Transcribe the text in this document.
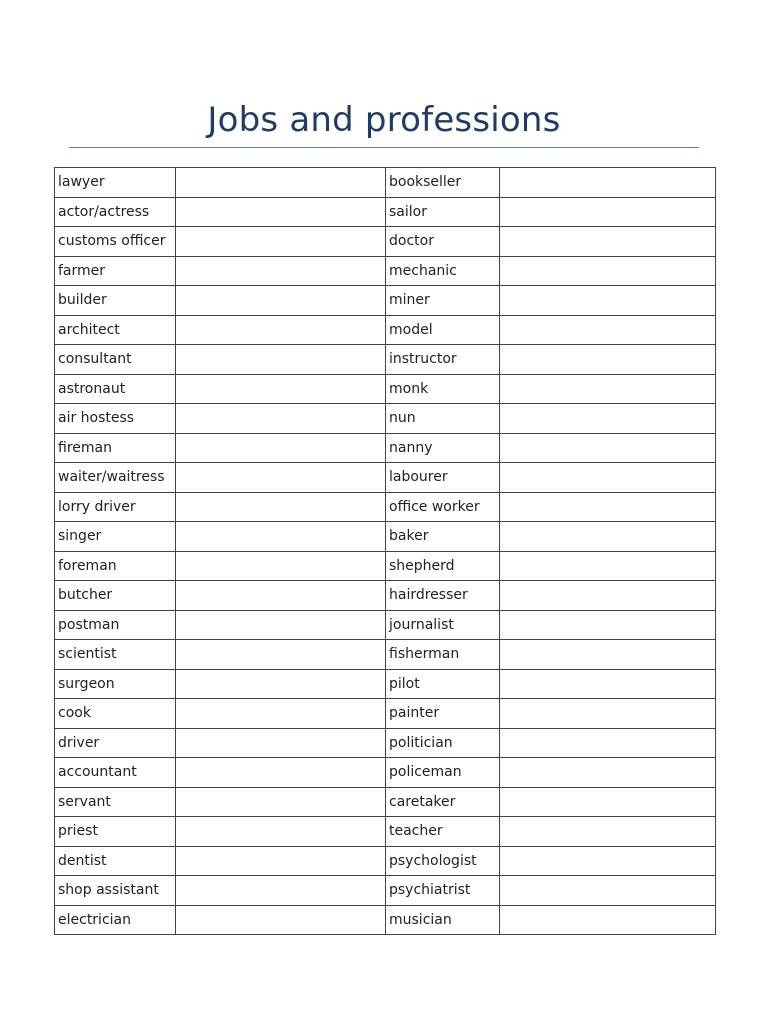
Jobs and professions
lawyer		bookseller	
actor/actress		sailor	
customs officer		doctor	
farmer		mechanic	
builder		miner	
architect		model	
consultant		instructor	
astronaut		monk	
air hostess		nun	
fireman		nanny	
waiter/waitress		labourer	
lorry driver		office worker	
singer		baker	
foreman		shepherd	
butcher		hairdresser	
postman		journalist	
scientist		fisherman	
surgeon		pilot	
cook		painter	
driver		politician	
accountant		policeman	
servant		caretaker	
priest		teacher	
dentist		psychologist	
shop assistant		psychiatrist	
electrician		musician	
